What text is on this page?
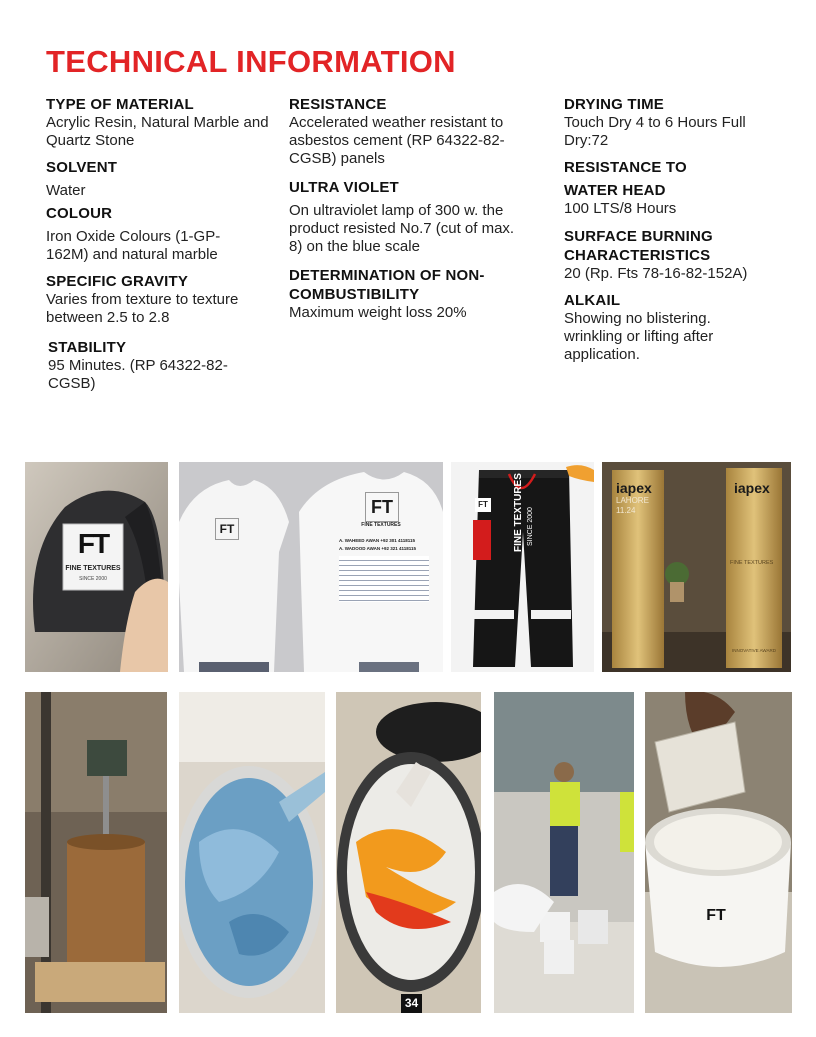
TECHNICAL INFORMATION
TYPE OF MATERIAL
Acrylic Resin, Natural Marble and Quartz Stone
SOLVENT
Water
COLOUR
Iron Oxide Colours (1-GP-162M) and natural marble
SPECIFIC GRAVITY
Varies from texture to texture between 2.5 to 2.8
STABILITY
95 Minutes. (RP 64322-82-CGSB)
RESISTANCE
Accelerated weather resistant to asbestos cement (RP 64322-82-CGSB) panels
ULTRA VIOLET
On ultraviolet lamp of 300 w. the product resisted No.7 (cut of max. 8) on the blue scale
DETERMINATION OF NON-COMBUSTIBILITY
Maximum weight loss 20%
DRYING TIME
Touch Dry 4 to 6 Hours Full Dry:72
RESISTANCE TO
WATER HEAD
100 LTS/8 Hours
SURFACE BURNING CHARACTERISTICS
20 (Rp. Fts 78-16-82-152A)
ALKAIL
Showing no blistering. wrinkling or lifting after application.
FT
FINE TEXTURES
SINCE 2000
FT
FT
FINE TEXTURES
A. WAHEED AWAN +92 301 4118115
A. WADOOD AWAN +92 321 4118115
FT	FINE TEXTURES SINCE 2000
iapex
LAHORE
11.24
iapex
FINE TEXTURES
INNOVATIVE AWARD
34
FT
